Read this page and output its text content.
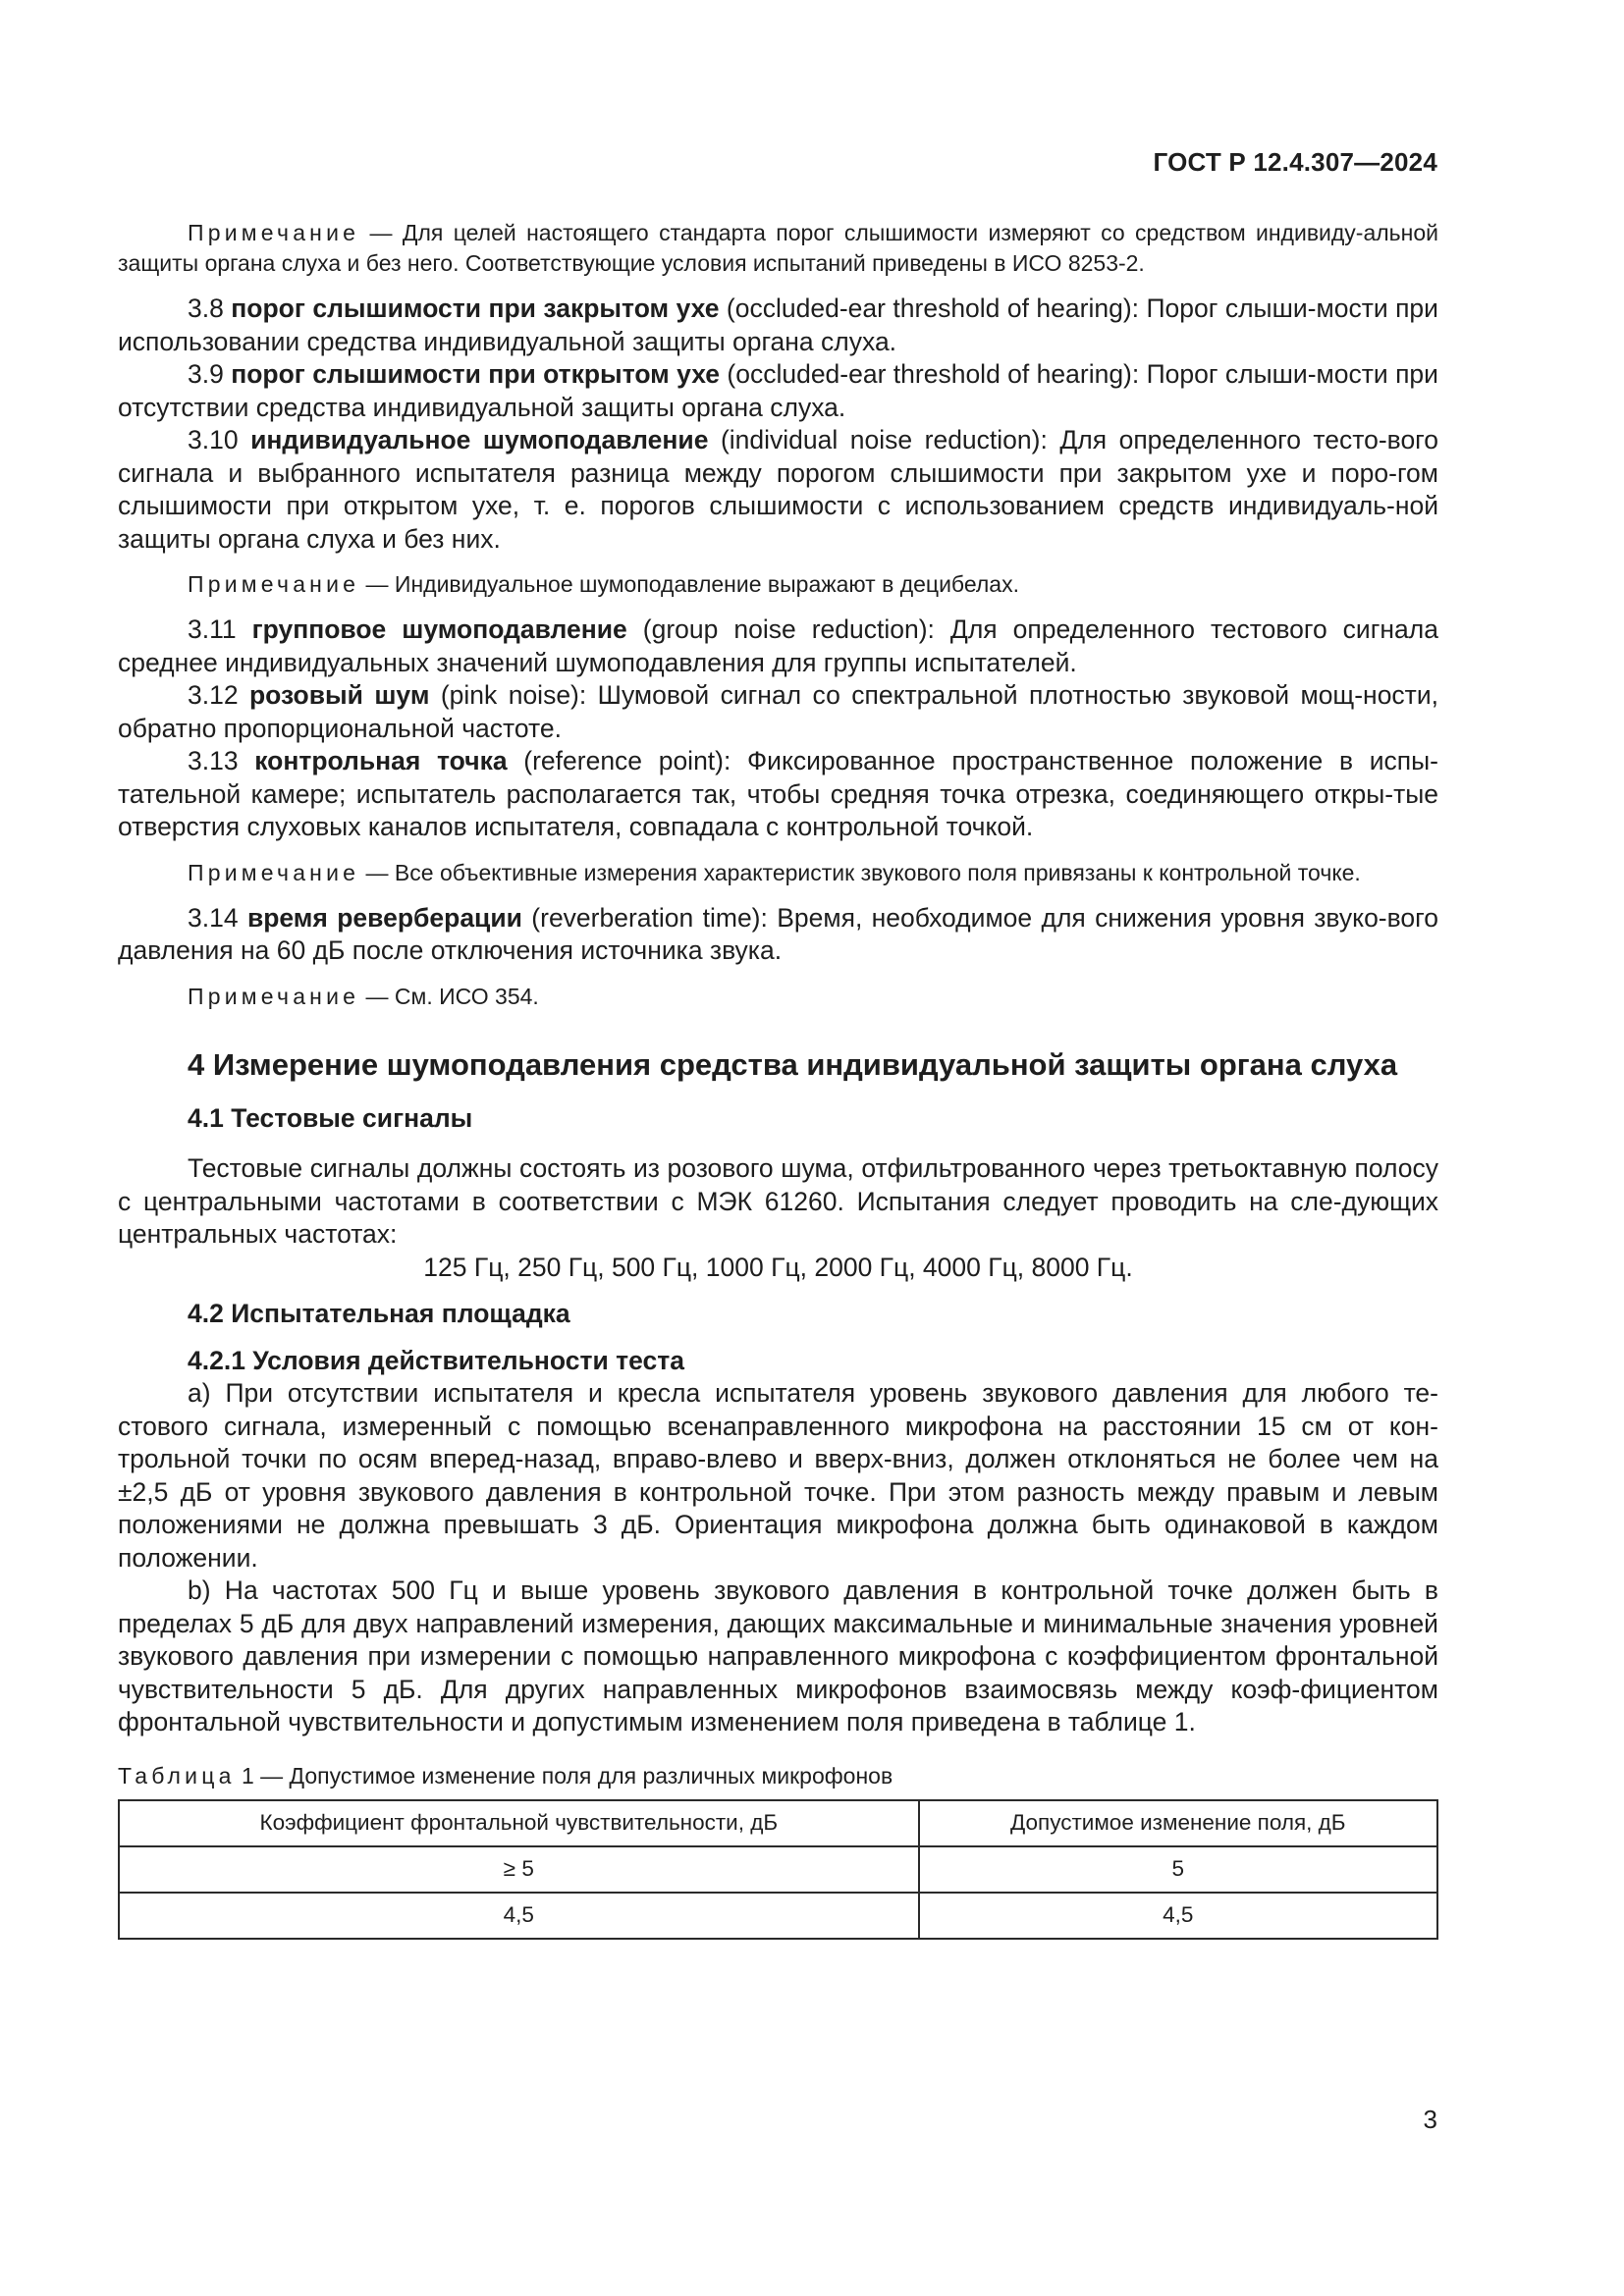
ГОСТ Р 12.4.307—2024

Примечание — Для целей настоящего стандарта порог слышимости измеряют со средством индивиду-альной защиты органа слуха и без него. Соответствующие условия испытаний приведены в ИСО 8253-2.

3.8 порог слышимости при закрытом ухе (occluded-ear threshold of hearing): Порог слыши-мости при использовании средства индивидуальной защиты органа слуха.

3.9 порог слышимости при открытом ухе (occluded-ear threshold of hearing): Порог слыши-мости при отсутствии средства индивидуальной защиты органа слуха.

3.10 индивидуальное шумоподавление (individual noise reduction): Для определенного тесто-вого сигнала и выбранного испытателя разница между порогом слышимости при закрытом ухе и поро-гом слышимости при открытом ухе, т. е. порогов слышимости с использованием средств индивидуаль-ной защиты органа слуха и без них.

Примечание — Индивидуальное шумоподавление выражают в децибелах.

3.11 групповое шумоподавление (group noise reduction): Для определенного тестового сигнала среднее индивидуальных значений шумоподавления для группы испытателей.

3.12 розовый шум (pink noise): Шумовой сигнал со спектральной плотностью звуковой мощ-ности, обратно пропорциональной частоте.

3.13 контрольная точка (reference point): Фиксированное пространственное положение в испы-тательной камере; испытатель располагается так, чтобы средняя точка отрезка, соединяющего откры-тые отверстия слуховых каналов испытателя, совпадала с контрольной точкой.

Примечание — Все объективные измерения характеристик звукового поля привязаны к контрольной точке.

3.14 время реверберации (reverberation time): Время, необходимое для снижения уровня звуко-вого давления на 60 дБ после отключения источника звука.

Примечание — См. ИСО 354.

4 Измерение шумоподавления средства индивидуальной защиты органа слуха
4.1 Тестовые сигналы

Тестовые сигналы должны состоять из розового шума, отфильтрованного через третьоктавную полосу с центральными частотами в соответствии с МЭК 61260. Испытания следует проводить на сле-дующих центральных частотах:

125 Гц, 250 Гц, 500 Гц, 1000 Гц, 2000 Гц, 4000 Гц, 8000 Гц.

4.2 Испытательная площадка
4.2.1 Условия действительности теста

а) При отсутствии испытателя и кресла испытателя уровень звукового давления для любого те-стового сигнала, измеренный с помощью всенаправленного микрофона на расстоянии 15 см от кон-трольной точки по осям вперед-назад, вправо-влево и вверх-вниз, должен отклоняться не более чем на ±2,5 дБ от уровня звукового давления в контрольной точке. При этом разность между правым и левым положениями не должна превышать 3 дБ. Ориентация микрофона должна быть одинаковой в каждом положении.

b) На частотах 500 Гц и выше уровень звукового давления в контрольной точке должен быть в пределах 5 дБ для двух направлений измерения, дающих максимальные и минимальные значения уровней звукового давления при измерении с помощью направленного микрофона с коэффициентом фронтальной чувствительности 5 дБ. Для других направленных микрофонов взаимосвязь между коэф-фициентом фронтальной чувствительности и допустимым изменением поля приведена в таблице 1.

Таблица 1 — Допустимое изменение поля для различных микрофонов
Коэффициент фронтальной чувствительности, дБ	Допустимое изменение поля, дБ
≥ 5	5
4,5	4,5
3
